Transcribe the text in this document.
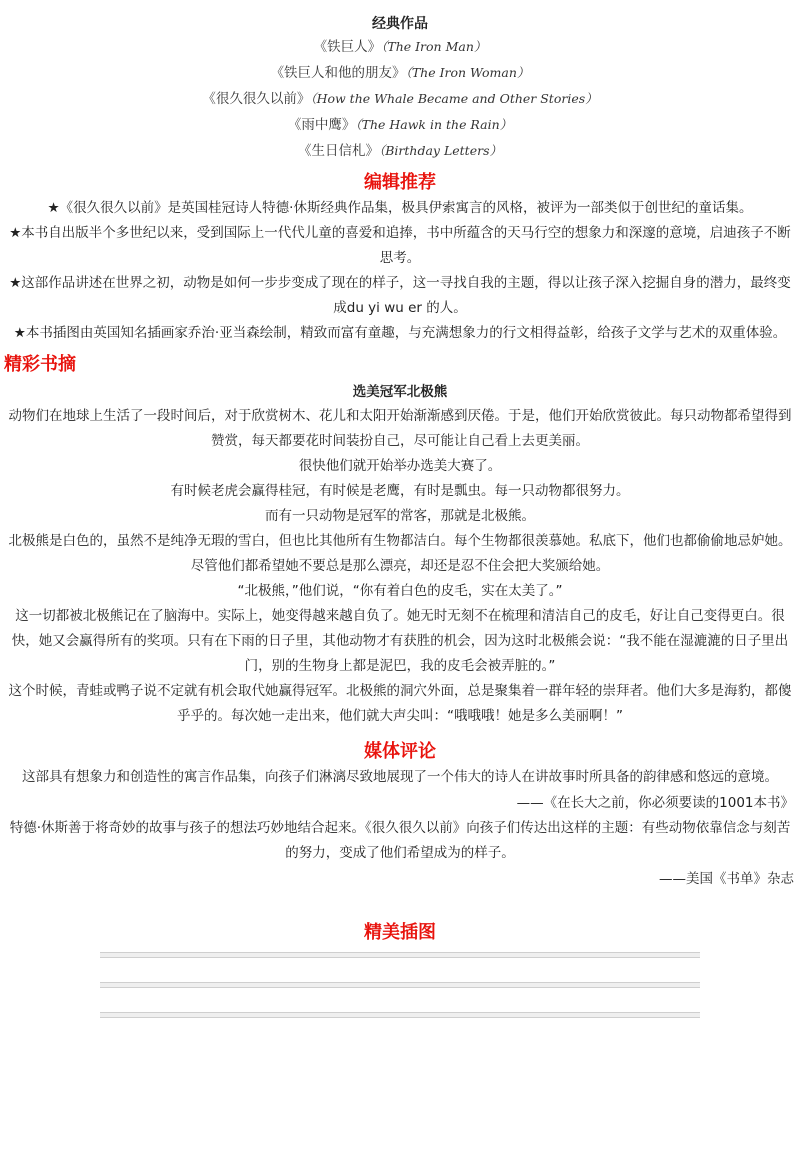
经典作品
《铁巨人》（The Iron Man）
《铁巨人和他的朋友》（The Iron Woman）
《很久很久以前》（How the Whale Became and Other Stories）
《雨中鹰》（The Hawk in the Rain）
《生日信札》（Birthday Letters）
编辑推荐
★《很久很久以前》是英国桂冠诗人特德·休斯经典作品集，极具伊索寓言的风格，被评为一部类似于创世纪的童话集。
★本书自出版半个多世纪以来，受到国际上一代代儿童的喜爱和追捧，书中所蕴含的天马行空的想象力和深邃的意境，启迪孩子不断思考。
★这部作品讲述在世界之初，动物是如何一步步变成了现在的样子，这一寻找自我的主题，得以让孩子深入挖掘自身的潜力，最终变成du yi wu er 的人。
★本书插图由英国知名插画家乔治·亚当森绘制，精致而富有童趣，与充满想象力的行文相得益彰，给孩子文学与艺术的双重体验。
精彩书摘
选美冠军北极熊
动物们在地球上生活了一段时间后，对于欣赏树木、花儿和太阳开始渐渐感到厌倦。于是，他们开始欣赏彼此。每只动物都希望得到赞赏，每天都要花时间装扮自己，尽可能让自己看上去更美丽。
很快他们就开始举办选美大赛了。
有时候老虎会赢得桂冠，有时候是老鹰，有时是瓢虫。每一只动物都很努力。
而有一只动物是冠军的常客，那就是北极熊。
北极熊是白色的，虽然不是纯净无瑕的雪白，但也比其他所有生物都洁白。每个生物都很羡慕她。私底下，他们也都偷偷地忌妒她。尽管他们都希望她不要总是那么漂亮，却还是忍不住会把大奖颁给她。
“北极熊，”他们说，“你有着白色的皮毛，实在太美了。”
这一切都被北极熊记在了脑海中。实际上，她变得越来越自负了。她无时无刻不在梳理和清洁自己的皮毛，好让自己变得更白。很快，她又会赢得所有的奖项。只有在下雨的日子里，其他动物才有获胜的机会，因为这时北极熊会说：“我不能在湿漉漉的日子里出门，别的生物身上都是泥巴，我的皮毛会被弄脏的。”
这个时候，青蛙或鸭子说不定就有机会取代她赢得冠军。北极熊的洞穴外面，总是聚集着一群年轻的崇拜者。他们大多是海豹，都傻乎乎的。每次她一走出来，他们就大声尖叫：“哦哦哦！她是多么美丽啊！”
媒体评论
这部具有想象力和创造性的寓言作品集，向孩子们淋漓尽致地展现了一个伟大的诗人在讲故事时所具备的韵律感和悠远的意境。
——《在长大之前，你必须要读的1001本书》
特德·休斯善于将奇妙的故事与孩子的想法巧妙地结合起来。《很久很久以前》向孩子们传达出这样的主题：有些动物依靠信念与刻苦的努力，变成了他们希望成为的样子。
——美国《书单》杂志
精美插图
